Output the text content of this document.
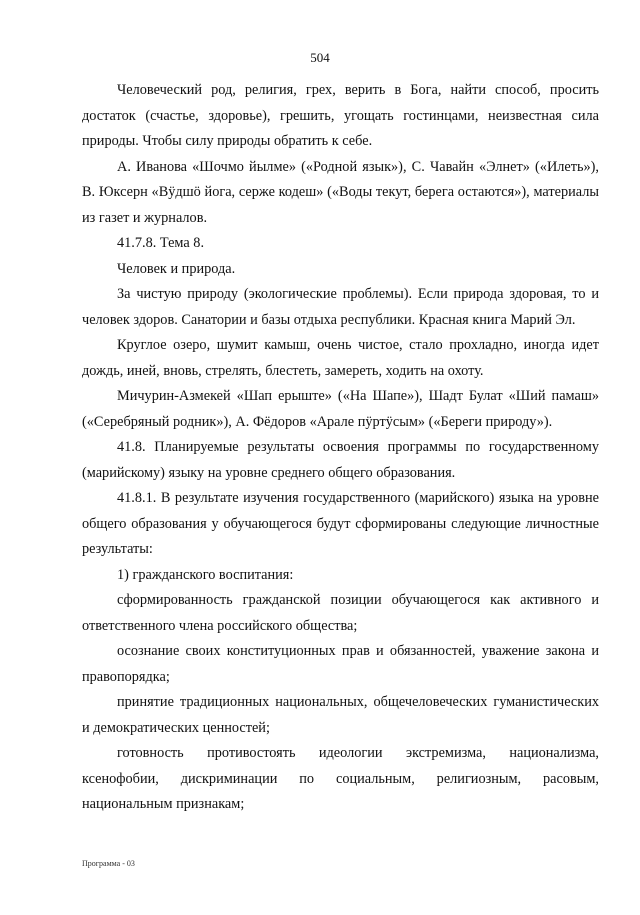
504

Человеческий род, религия, грех, верить в Бога, найти способ, просить достаток (счастье, здоровье), грешить, угощать гостинцами, неизвестная сила природы. Чтобы силу природы обратить к себе.

А. Иванова «Шочмо йылме» («Родной язык»), С. Чавайн «Элнет» («Илеть»), В. Юксерн «Вӱдшӧ йога, серже кодеш» («Воды текут, берега остаются»), материалы из газет и журналов.

41.7.8. Тема 8.

Человек и природа.

За чистую природу (экологические проблемы). Если природа здоровая, то и человек здоров. Санатории и базы отдыха республики. Красная книга Марий Эл.

Круглое озеро, шумит камыш, очень чистое, стало прохладно, иногда идет дождь, иней, вновь, стрелять, блестеть, замереть, ходить на охоту.

Мичурин-Азмекей «Шап ерыште» («На Шапе»), Шадт Булат «Ший памаш» («Серебряный родник»), А. Фёдоров «Арале пӱртӱсым» («Береги природу»).

41.8. Планируемые результаты освоения программы по государственному (марийскому) языку на уровне среднего общего образования.

41.8.1. В результате изучения государственного (марийского) языка на уровне общего образования у обучающегося будут сформированы следующие личностные результаты:

1) гражданского воспитания:

сформированность гражданской позиции обучающегося как активного и ответственного члена российского общества;

осознание своих конституционных прав и обязанностей, уважение закона и правопорядка;

принятие традиционных национальных, общечеловеческих гуманистических и демократических ценностей;

готовность противостоять идеологии экстремизма, национализма, ксенофобии, дискриминации по социальным, религиозным, расовым, национальным признакам;

Программа - 03
